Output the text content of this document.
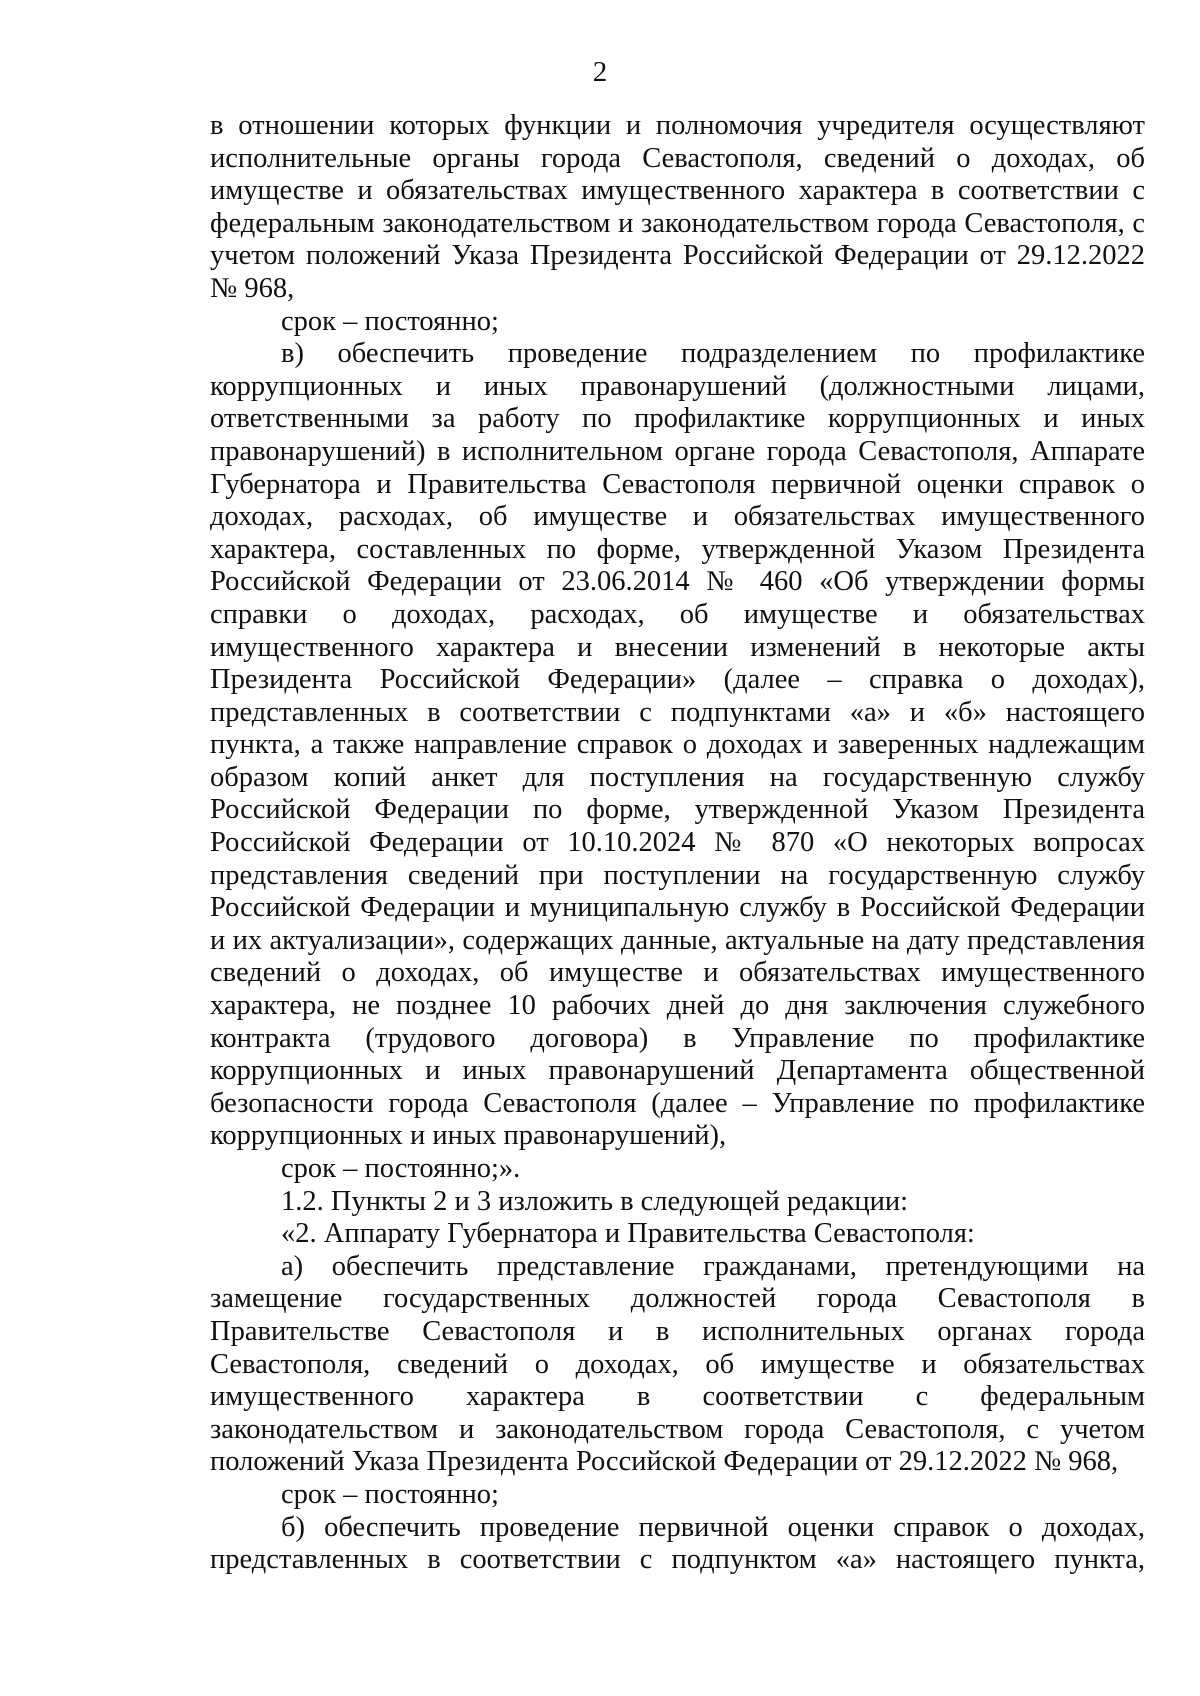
2

в отношении которых функции и полномочия учредителя осуществляют исполнительные органы города Севастополя, сведений о доходах, об имуществе и обязательствах имущественного характера в соответствии с федеральным законодательством и законодательством города Севастополя, с учетом положений Указа Президента Российской Федерации от 29.12.2022 № 968,

срок – постоянно;

в) обеспечить проведение подразделением по профилактике коррупционных и иных правонарушений (должностными лицами, ответственными за работу по профилактике коррупционных и иных правонарушений) в исполнительном органе города Севастополя, Аппарате Губернатора и Правительства Севастополя первичной оценки справок о доходах, расходах, об имуществе и обязательствах имущественного характера, составленных по форме, утвержденной Указом Президента Российской Федерации от 23.06.2014 № 460 «Об утверждении формы справки о доходах, расходах, об имуществе и обязательствах имущественного характера и внесении изменений в некоторые акты Президента Российской Федерации» (далее – справка о доходах), представленных в соответствии с подпунктами «а» и «б» настоящего пункта, а также направление справок о доходах и заверенных надлежащим образом копий анкет для поступления на государственную службу Российской Федерации по форме, утвержденной Указом Президента Российской Федерации от 10.10.2024 № 870 «О некоторых вопросах представления сведений при поступлении на государственную службу Российской Федерации и муниципальную службу в Российской Федерации и их актуализации», содержащих данные, актуальные на дату представления сведений о доходах, об имуществе и обязательствах имущественного характера, не позднее 10 рабочих дней до дня заключения служебного контракта (трудового договора) в Управление по профилактике коррупционных и иных правонарушений Департамента общественной безопасности города Севастополя (далее – Управление по профилактике коррупционных и иных правонарушений),

срок – постоянно;».

1.2. Пункты 2 и 3 изложить в следующей редакции:

«2. Аппарату Губернатора и Правительства Севастополя:

а) обеспечить представление гражданами, претендующими на замещение государственных должностей города Севастополя в Правительстве Севастополя и в исполнительных органах города Севастополя, сведений о доходах, об имуществе и обязательствах имущественного характера в соответствии с федеральным законодательством и законодательством города Севастополя, с учетом положений Указа Президента Российской Федерации от 29.12.2022 № 968,

срок – постоянно;

б) обеспечить проведение первичной оценки справок о доходах, представленных в соответствии с подпунктом «а» настоящего пункта,
